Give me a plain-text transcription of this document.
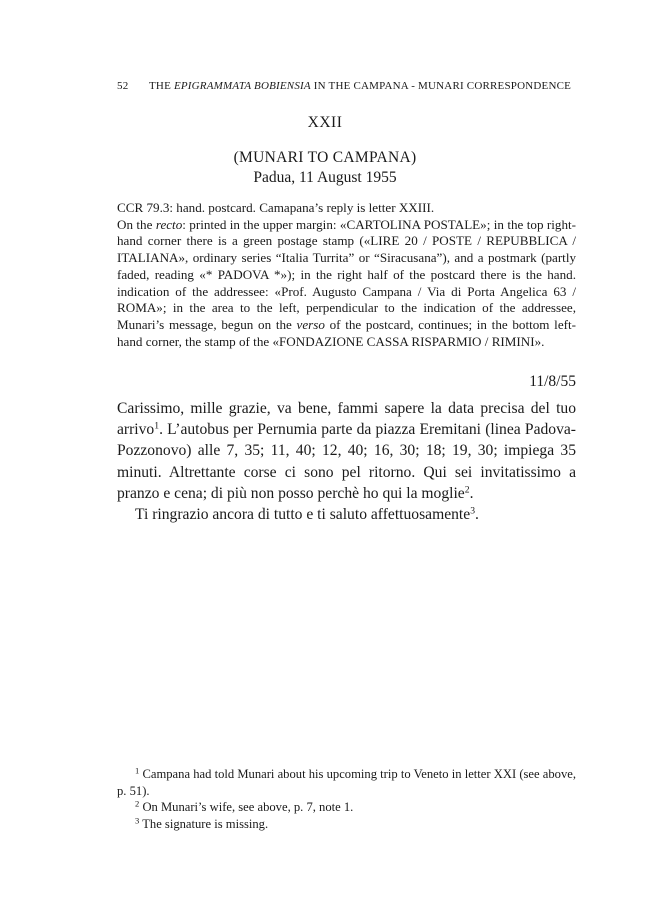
52 THE EPIGRAMMATA BOBIENSIA IN THE CAMPANA - MUNARI CORRESPONDENCE
XXII
(MUNARI TO CAMPANA)
Padua, 11 August 1955
CCR 79.3: hand. postcard. Camapana’s reply is letter XXIII.
On the recto: printed in the upper margin: «CARTOLINA POSTALE»; in the top right-hand corner there is a green postage stamp («LIRE 20 / POSTE / REPUBBLICA / ITALIANA», ordinary series “Italia Turrita” or “Siracusana”), and a postmark (partly faded, reading «* PADOVA *»); in the right half of the postcard there is the hand. indication of the addressee: «Prof. Augusto Campana / Via di Porta Angelica 63 / ROMA»; in the area to the left, perpendicular to the indication of the addressee, Munari’s message, begun on the verso of the postcard, continues; in the bottom left-hand corner, the stamp of the «FONDAZIONE CASSA RISPARMIO / RIMINI».
11/8/55

Carissimo, mille grazie, va bene, fammi sapere la data precisa del tuo arrivo$^1$. L’autobus per Pernumia parte da piazza Eremitani (linea Padova-Pozzonovo) alle 7, 35; 11, 40; 12, 40; 16, 30; 18; 19, 30; impiega 35 minuti. Altrettante corse ci sono pel ritorno. Qui sei invitatissimo a pranzo e cena; di più non posso perchè ho qui la moglie$^2$.

Ti ringrazio ancora di tutto e ti saluto affettuosamente$^3$.

$^1$ Campana had told Munari about his upcoming trip to Veneto in letter XXI (see above, p. 51).

$^2$ On Munari’s wife, see above, p. 7, note 1.

$^3$ The signature is missing.
